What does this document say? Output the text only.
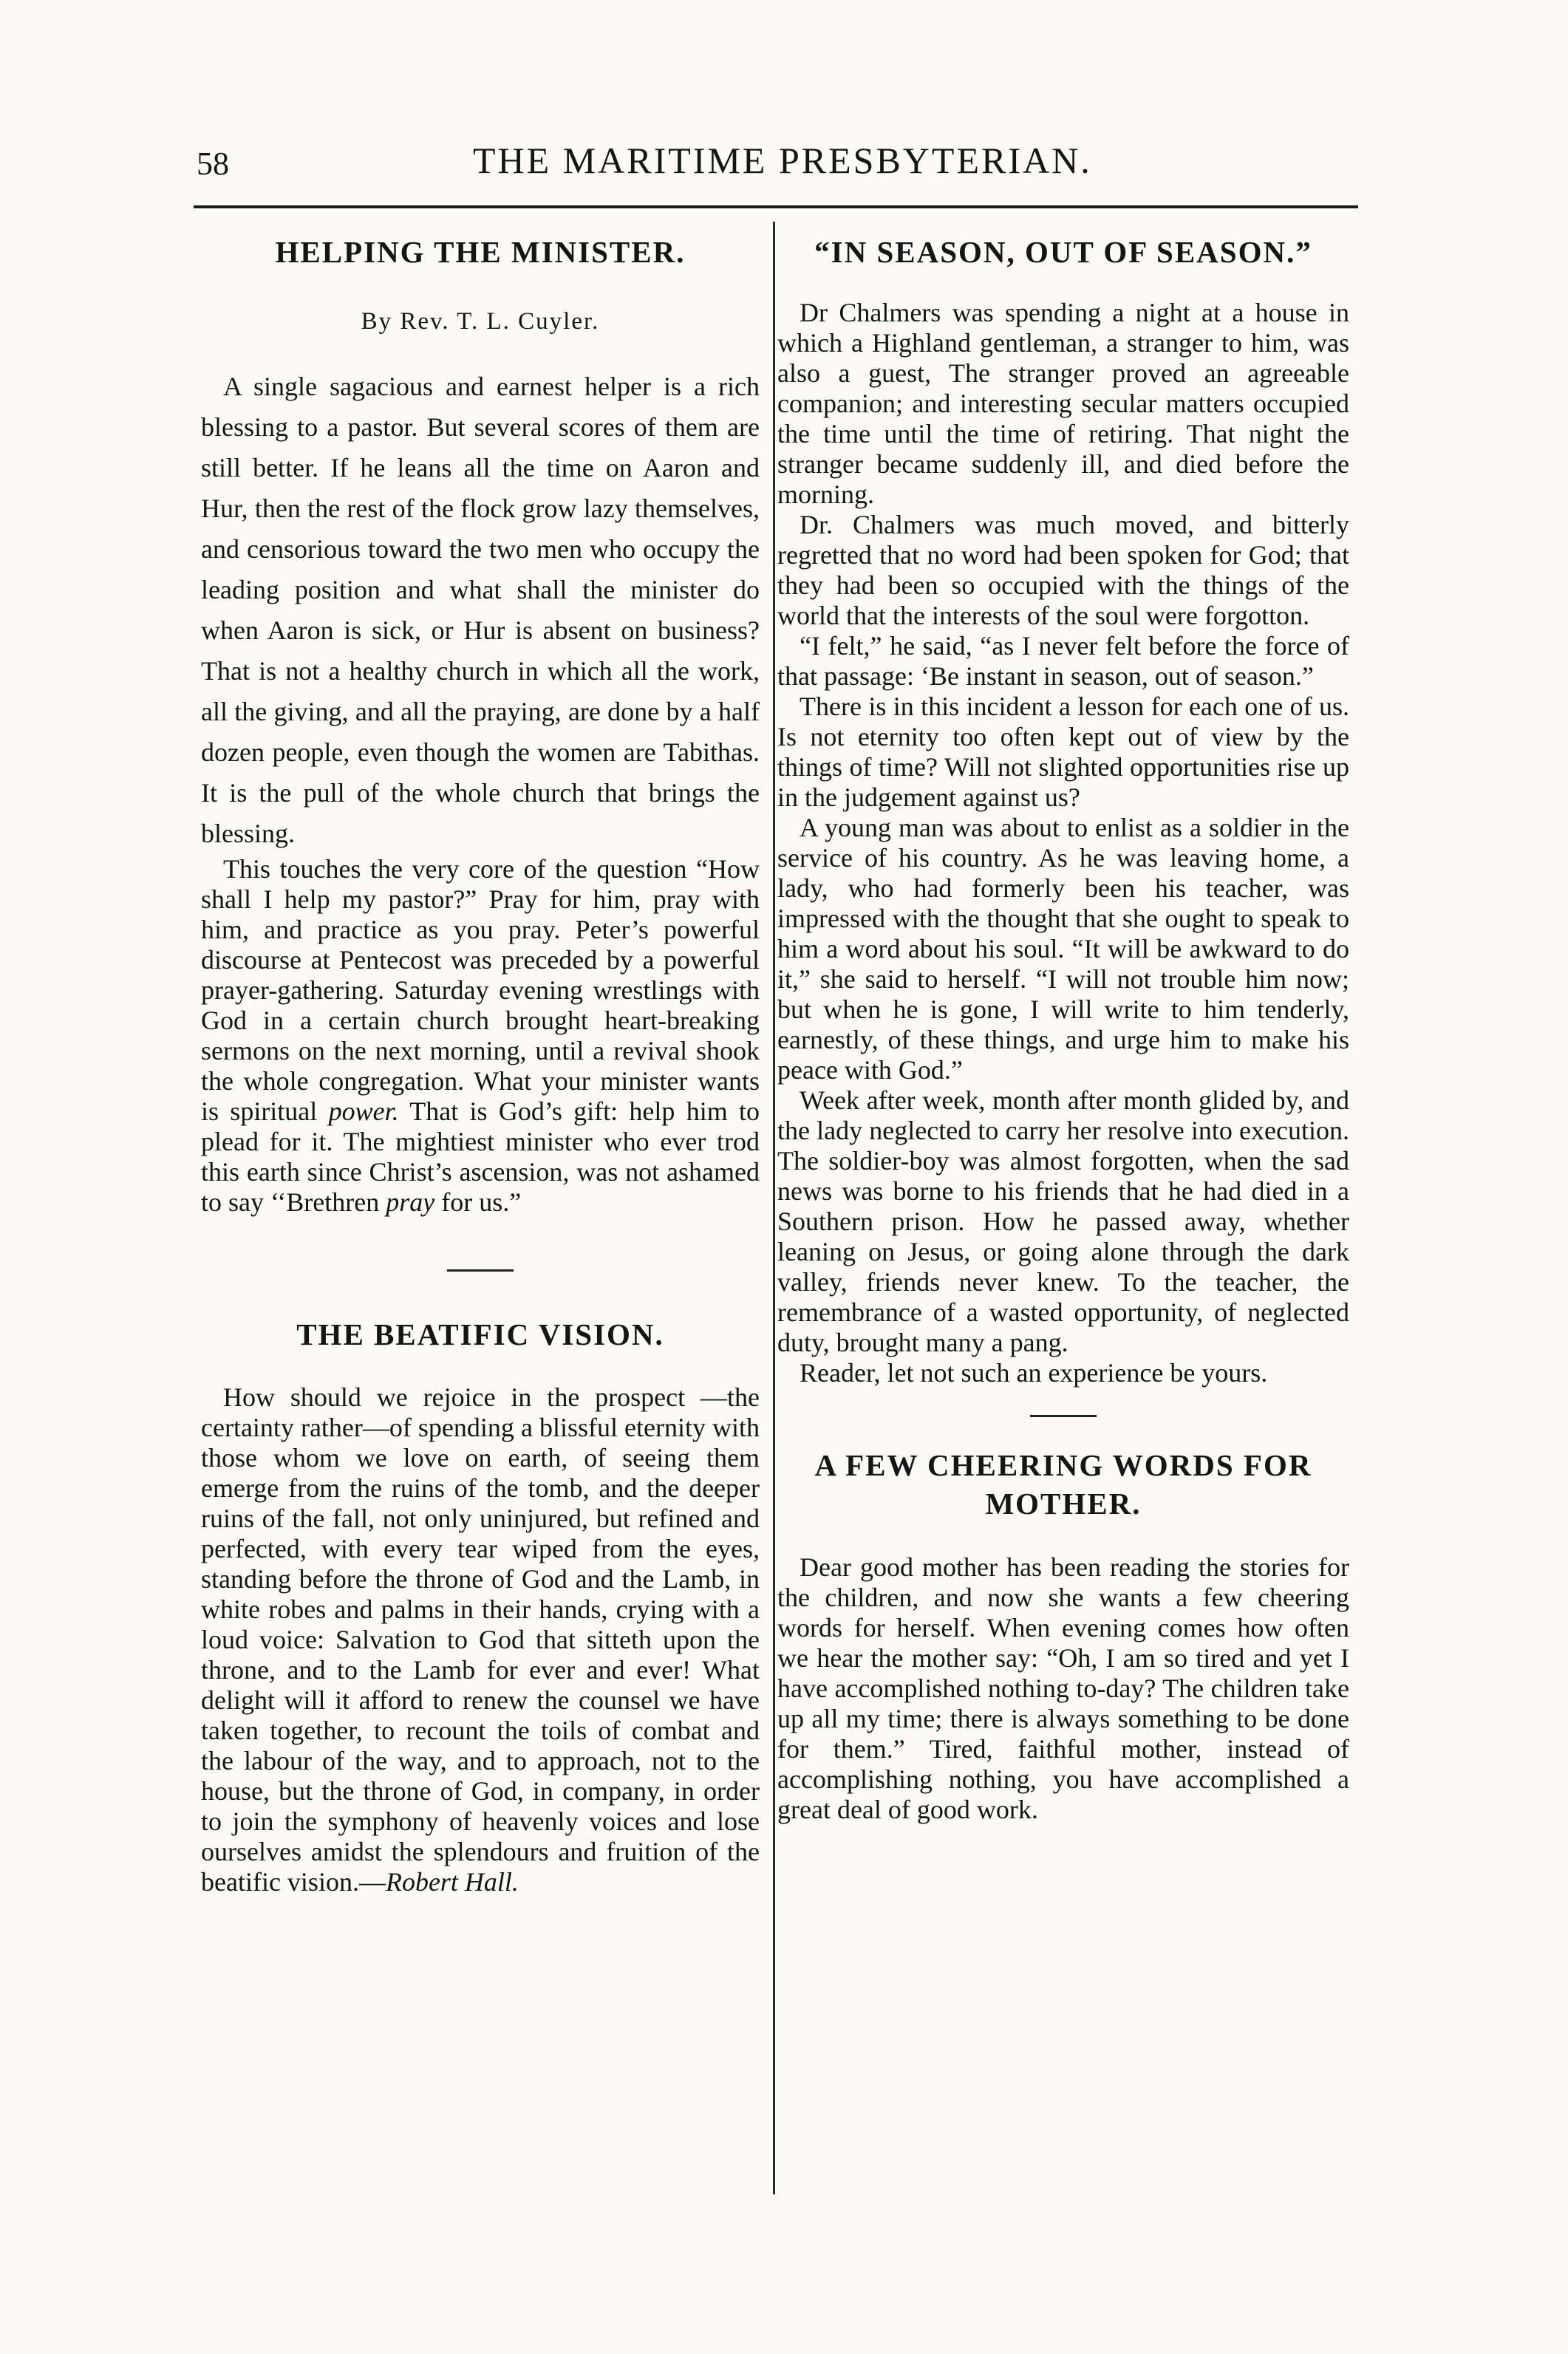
58	THE MARITIME PRESBYTERIAN.
HELPING THE MINISTER.
By Rev. T. L. Cuyler.

A single sagacious and earnest helper is a rich blessing to a pastor. But several scores of them are still better. If he leans all the time on Aaron and Hur, then the rest of the flock grow lazy themselves, and censorious toward the two men who occupy the leading position and what shall the minister do when Aaron is sick, or Hur is absent on business? That is not a healthy church in which all the work, all the giving, and all the praying, are done by a half dozen people, even though the women are Tabithas. It is the pull of the whole church that brings the blessing.

This touches the very core of the question “How shall I help my pastor?” Pray for him, pray with him, and practice as you pray. Peter’s powerful discourse at Pentecost was preceded by a powerful prayer-gathering. Saturday evening wrestlings with God in a certain church brought heart-breaking sermons on the next morning, until a revival shook the whole congregation. What your minister wants is spiritual power. That is God’s gift: help him to plead for it. The mightiest minister who ever trod this earth since Christ’s ascension, was not ashamed to say ‘‘Brethren pray for us.”

THE BEATIFIC VISION.

How should we rejoice in the prospect —the certainty rather—of spending a blissful eternity with those whom we love on earth, of seeing them emerge from the ruins of the tomb, and the deeper ruins of the fall, not only uninjured, but refined and perfected, with every tear wiped from the eyes, standing before the throne of God and the Lamb, in white robes and palms in their hands, crying with a loud voice: Salvation to God that sitteth upon the throne, and to the Lamb for ever and ever! What delight will it afford to renew the counsel we have taken together, to recount the toils of combat and the labour of the way, and to approach, not to the house, but the throne of God, in company, in order to join the symphony of heavenly voices and lose ourselves amidst the splendours and fruition of the beatific vision.—Robert Hall.

“IN SEASON, OUT OF SEASON.”

Dr Chalmers was spending a night at a house in which a Highland gentleman, a stranger to him, was also a guest, The stranger proved an agreeable companion; and interesting secular matters occupied the time until the time of retiring. That night the stranger became suddenly ill, and died before the morning.

Dr. Chalmers was much moved, and bitterly regretted that no word had been spoken for God; that they had been so occupied with the things of the world that the interests of the soul were forgotton.

“I felt,” he said, “as I never felt before the force of that passage: ‘Be instant in season, out of season.”

There is in this incident a lesson for each one of us. Is not eternity too often kept out of view by the things of time? Will not slighted opportunities rise up in the judgement against us?

A young man was about to enlist as a soldier in the service of his country. As he was leaving home, a lady, who had formerly been his teacher, was impressed with the thought that she ought to speak to him a word about his soul. “It will be awkward to do it,” she said to herself. “I will not trouble him now; but when he is gone, I will write to him tenderly, earnestly, of these things, and urge him to make his peace with God.”

Week after week, month after month glided by, and the lady neglected to carry her resolve into execution. The soldier-boy was almost forgotten, when the sad news was borne to his friends that he had died in a Southern prison. How he passed away, whether leaning on Jesus, or going alone through the dark valley, friends never knew. To the teacher, the remembrance of a wasted opportunity, of neglected duty, brought many a pang.

Reader, let not such an experience be yours.

A FEW CHEERING WORDS FOR MOTHER.

Dear good mother has been reading the stories for the children, and now she wants a few cheering words for herself. When evening comes how often we hear the mother say: “Oh, I am so tired and yet I have accomplished nothing to-day? The children take up all my time; there is always something to be done for them.” Tired, faithful mother, instead of accomplishing nothing, you have accomplished a great deal of good work.
